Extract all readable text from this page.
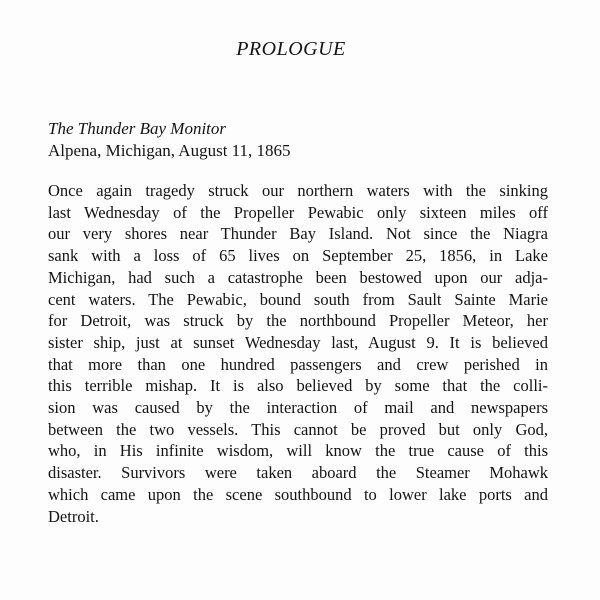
PROLOGUE
The Thunder Bay Monitor
Alpena, Michigan, August 11, 1865
Once again tragedy struck our northern waters with the sinking
last Wednesday of the Propeller Pewabic only sixteen miles off
our very shores near Thunder Bay Island. Not since the Niagra
sank with a loss of 65 lives on September 25, 1856, in Lake
Michigan, had such a catastrophe been bestowed upon our adja-
cent waters. The Pewabic, bound south from Sault Sainte Marie
for Detroit, was struck by the northbound Propeller Meteor, her
sister ship, just at sunset Wednesday last, August 9. It is believed
that more than one hundred passengers and crew perished in
this terrible mishap. It is also believed by some that the colli-
sion was caused by the interaction of mail and newspapers
between the two vessels. This cannot be proved but only God,
who, in His infinite wisdom, will know the true cause of this
disaster. Survivors were taken aboard the Steamer Mohawk
which came upon the scene southbound to lower lake ports and
Detroit.
